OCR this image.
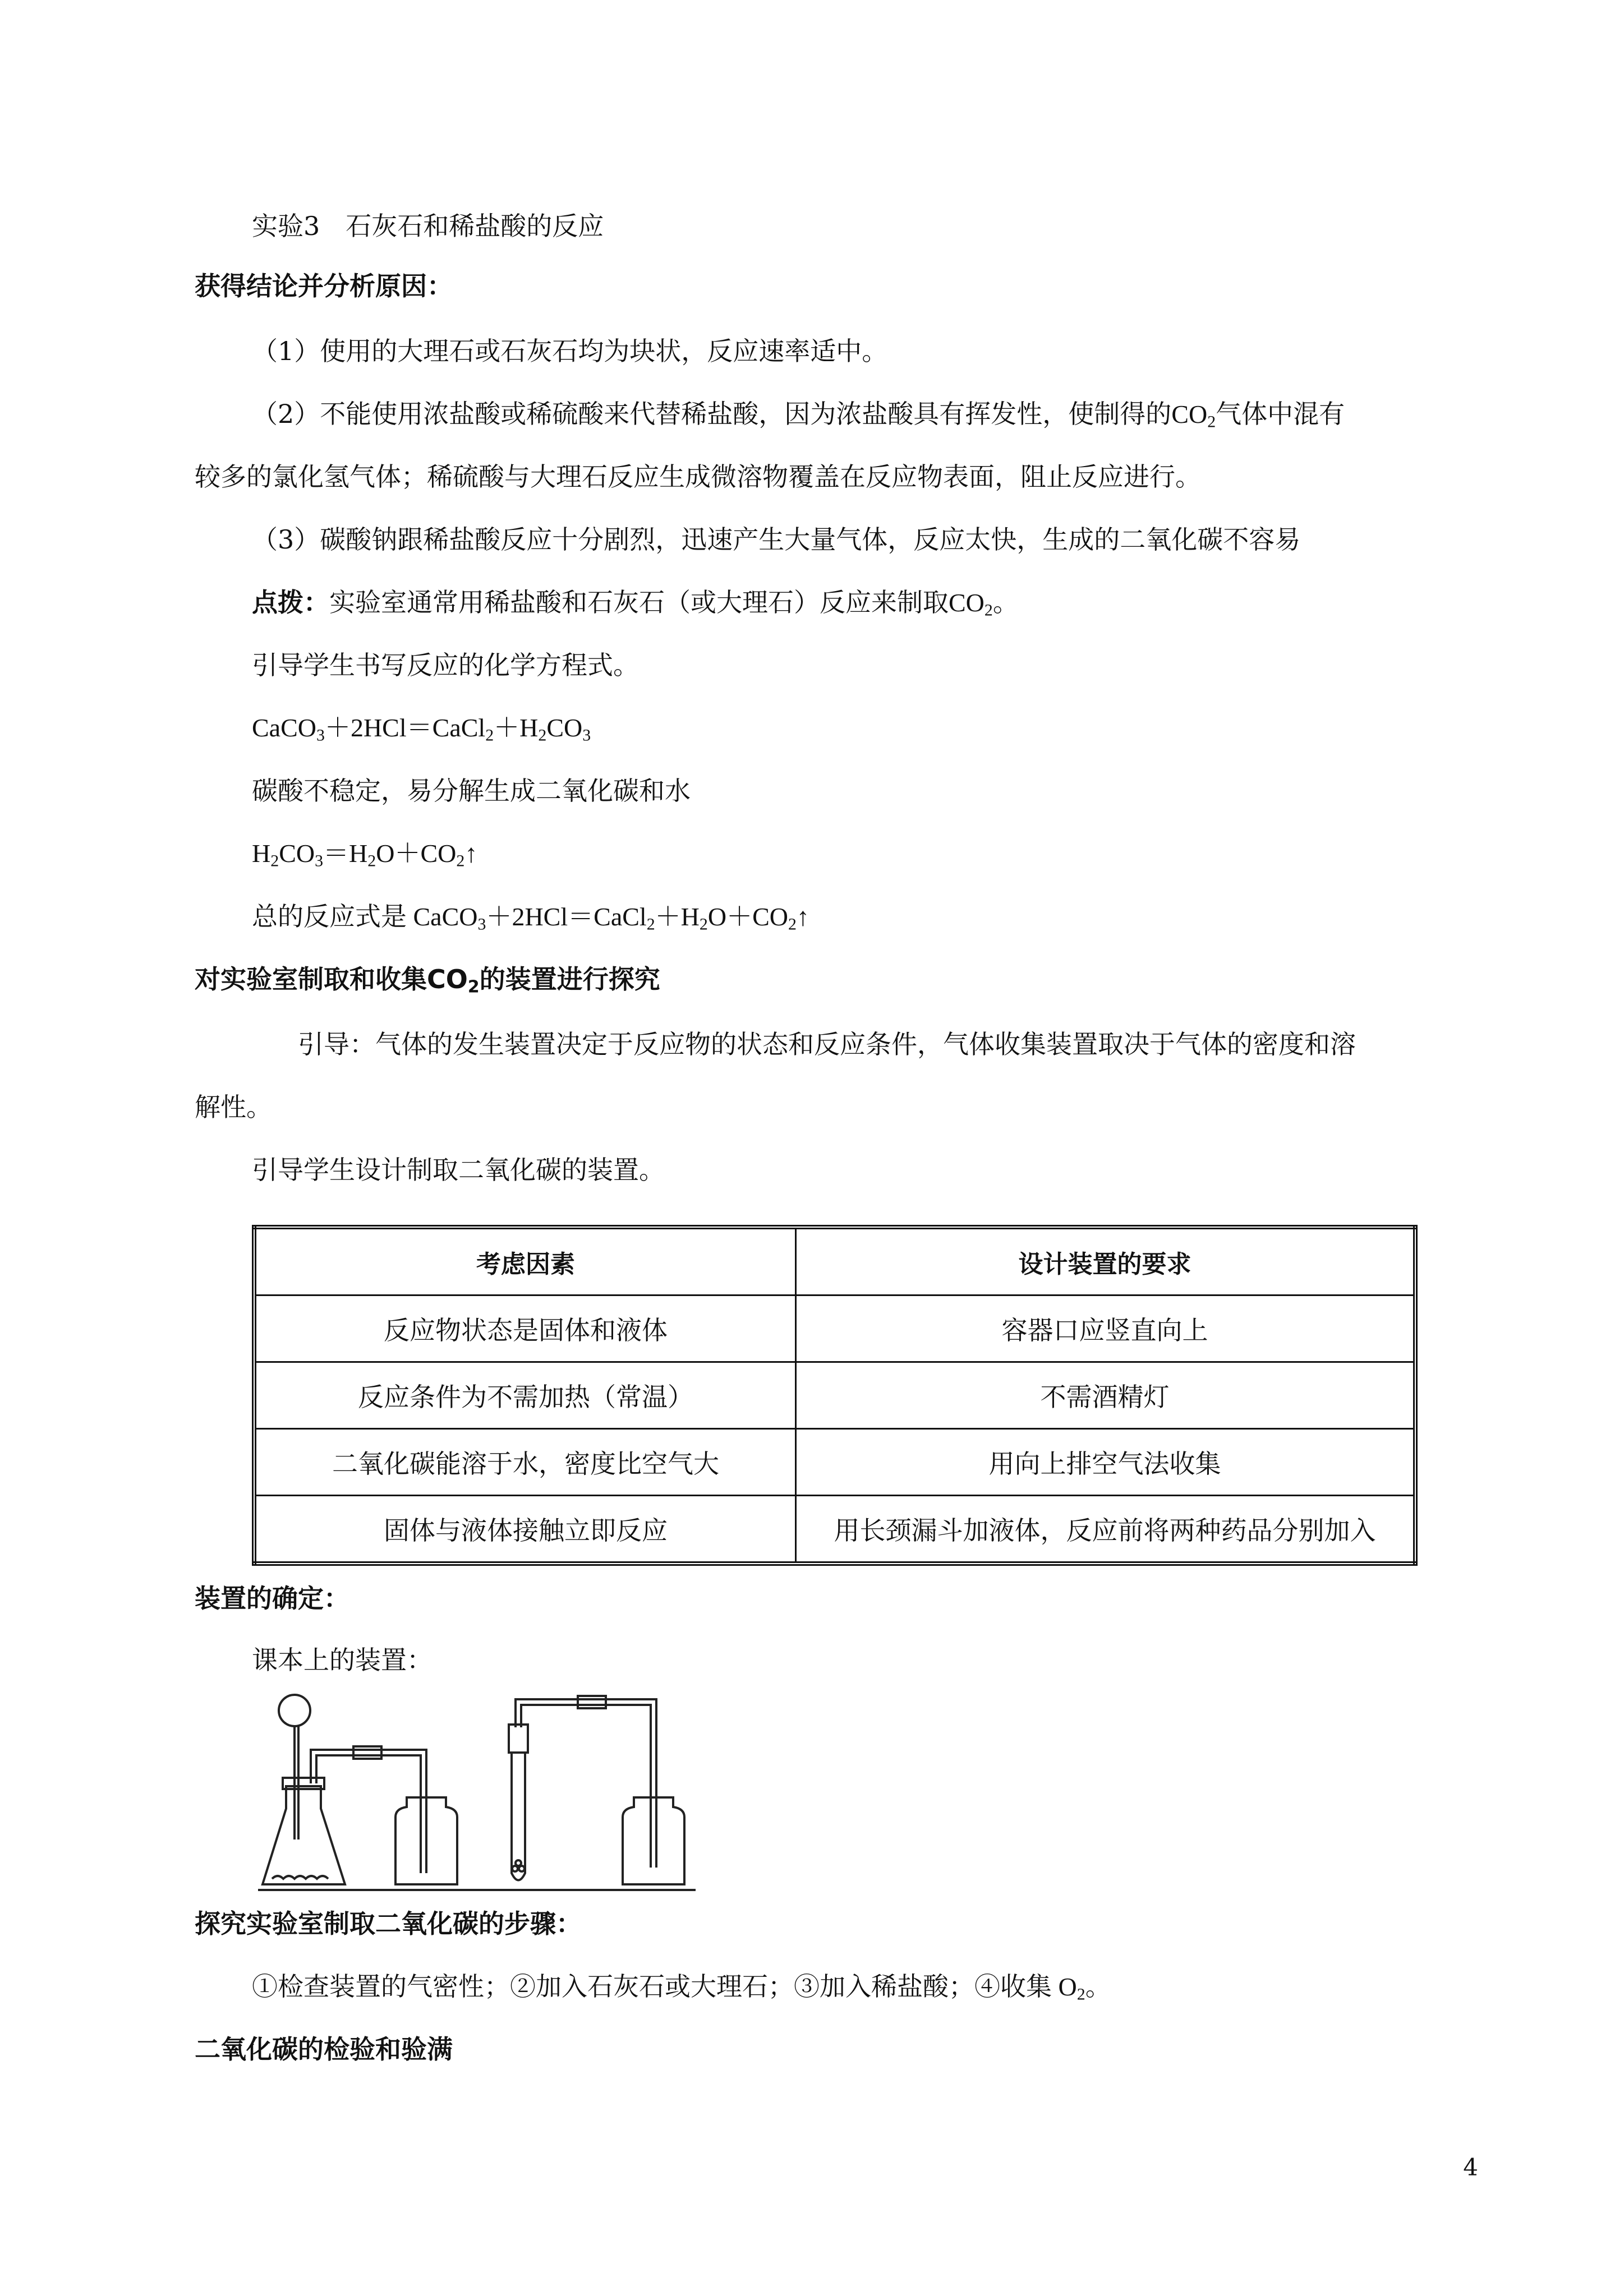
实验3　石灰石和稀盐酸的反应
获得结论并分析原因：
（1）使用的大理石或石灰石均为块状，反应速率适中。
（2）不能使用浓盐酸或稀硫酸来代替稀盐酸，因为浓盐酸具有挥发性，使制得的$CO_2$气体中混有
较多的氯化氢气体；稀硫酸与大理石反应生成微溶物覆盖在反应物表面，阻止反应进行。
（3）碳酸钠跟稀盐酸反应十分剧烈，迅速产生大量气体，反应太快，生成的二氧化碳不容易
点拨：实验室通常用稀盐酸和石灰石（或大理石）反应来制取$CO_2$。
引导学生书写反应的化学方程式。
$CaCO_3+2HCl=CaCl_2+H_2CO_3$
碳酸不稳定，易分解生成二氧化碳和水
$H_2CO_3=H_2O+CO_2↑$
总的反应式是 $CaCO_3+2HCl=CaCl_2+H_2O+CO_2↑$
对实验室制取和收集$CO_2$的装置进行探究
引导：气体的发生装置决定于反应物的状态和反应条件，气体收集装置取决于气体的密度和溶
解性。
引导学生设计制取二氧化碳的装置。
考虑因素	设计装置的要求
反应物状态是固体和液体	容器口应竖直向上
反应条件为不需加热（常温）	不需酒精灯
二氧化碳能溶于水，密度比空气大	用向上排空气法收集
固体与液体接触立即反应	用长颈漏斗加液体，反应前将两种药品分别加入
装置的确定：
课本上的装置：
探究实验室制取二氧化碳的步骤：
①检查装置的气密性；②加入石灰石或大理石；③加入稀盐酸；④收集 $O_2$。
二氧化碳的检验和验满
4
